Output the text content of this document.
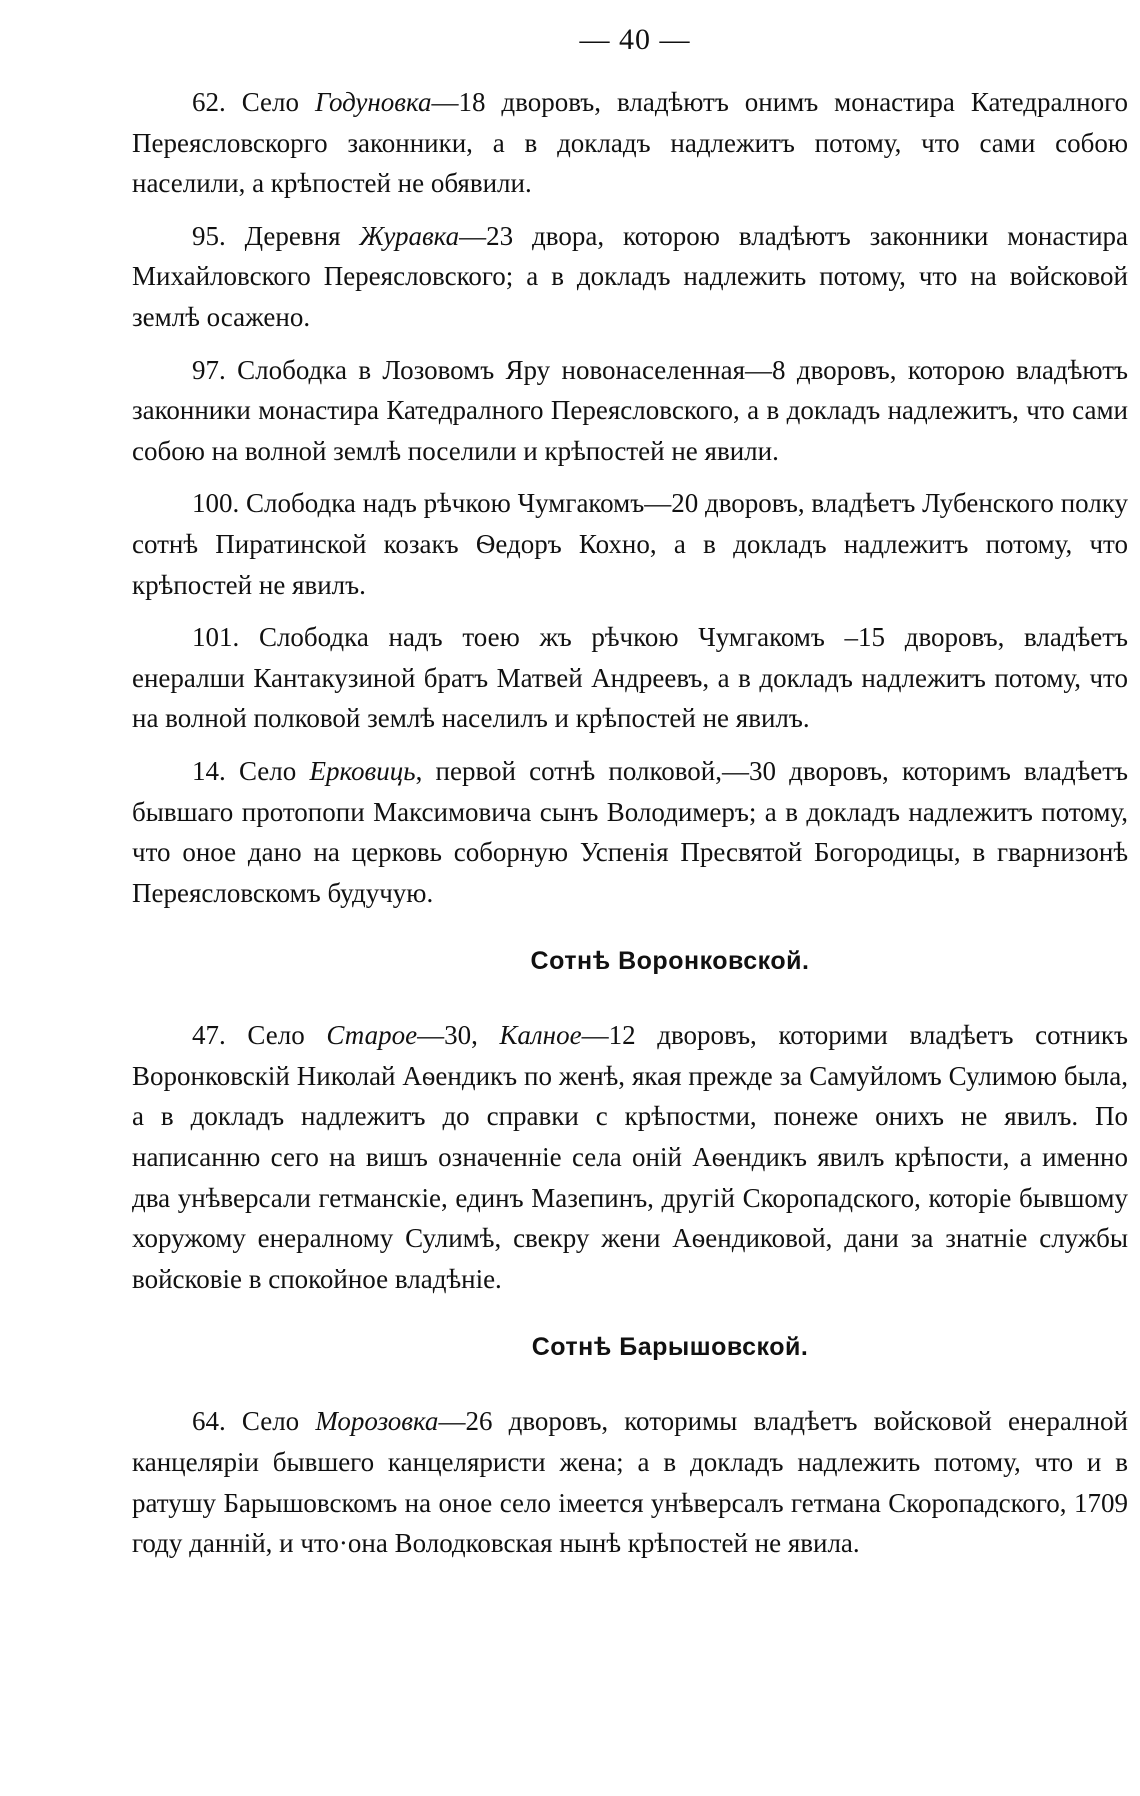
— 40 —

62. Село Годуновка—18 дворовъ, владѣютъ онимъ монастира Катедралного Переясловскорго законники, а в докладъ надлежитъ потому, что сами собою населили, а крѣпостей не обявили.

95. Деревня Журавка—23 двора, которою владѣютъ законники монастира Михайловского Переясловского; а в докладъ надлежить потому, что на войсковой землѣ осажено.

97. Слободка в Лозовомъ Яру новонаселенная—8 дворовъ, которою владѣютъ законники монастира Катедралного Переясловского, а в докладъ надлежитъ, что сами собою на волной землѣ поселили и крѣпостей не явили.

100. Слободка надъ рѣчкою Чумгакомъ—20 дворовъ, владѣетъ Лубенского полку сотнѣ Пиратинской козакъ Ѳедоръ Кохно, а в докладъ надлежитъ потому, что крѣпостей не явилъ.

101. Слободка надъ тоею жъ рѣчкою Чумгакомъ –15 дворовъ, владѣетъ енералши Кантакузиной братъ Матвей Андреевъ, а в докладъ надлежитъ потому, что на волной полковой землѣ населилъ и крѣпостей не явилъ.

14. Село Ерковиць, первой сотнѣ полковой,—30 дворовъ, которимъ владѣетъ бывшаго протопопи Максимовича сынъ Володимеръ; а в докладъ надлежитъ потому, что оное дано на церковь соборную Успенія Пресвятой Богородицы, в гварнизонѣ Переясловскомъ будучую.

Сотнѣ Воронковской.

47. Село Старое—30, Калное—12 дворовъ, которими владѣетъ сотникъ Воронковскій Николай Аѳендикъ по женѣ, якая прежде за Самуйломъ Сулимою была, а в докладъ надлежитъ до справки с крѣпостми, понеже онихъ не явилъ. По написанню сего на вишъ означенніе села оній Аѳендикъ явилъ крѣпости, а именно два унѣверсали гетманскіе, единъ Мазепинъ, другій Скоропадского, которіе бывшому хоружому енералному Сулимѣ, свекру жени Аѳендиковой, дани за знатніе службы войсковіе в спокойное владѣніе.

Сотнѣ Барышовской.

64. Село Морозовка—26 дворовъ, которимы владѣетъ войсковой енералной канцеляріи бывшего канцеляристи жена; а в докладъ надлежить потому, что и в ратушу Барышовскомъ на оное село імеется унѣверсалъ гетмана Скоропадского, 1709 году данній, и что·она Володковская нынѣ крѣпостей не явила.
